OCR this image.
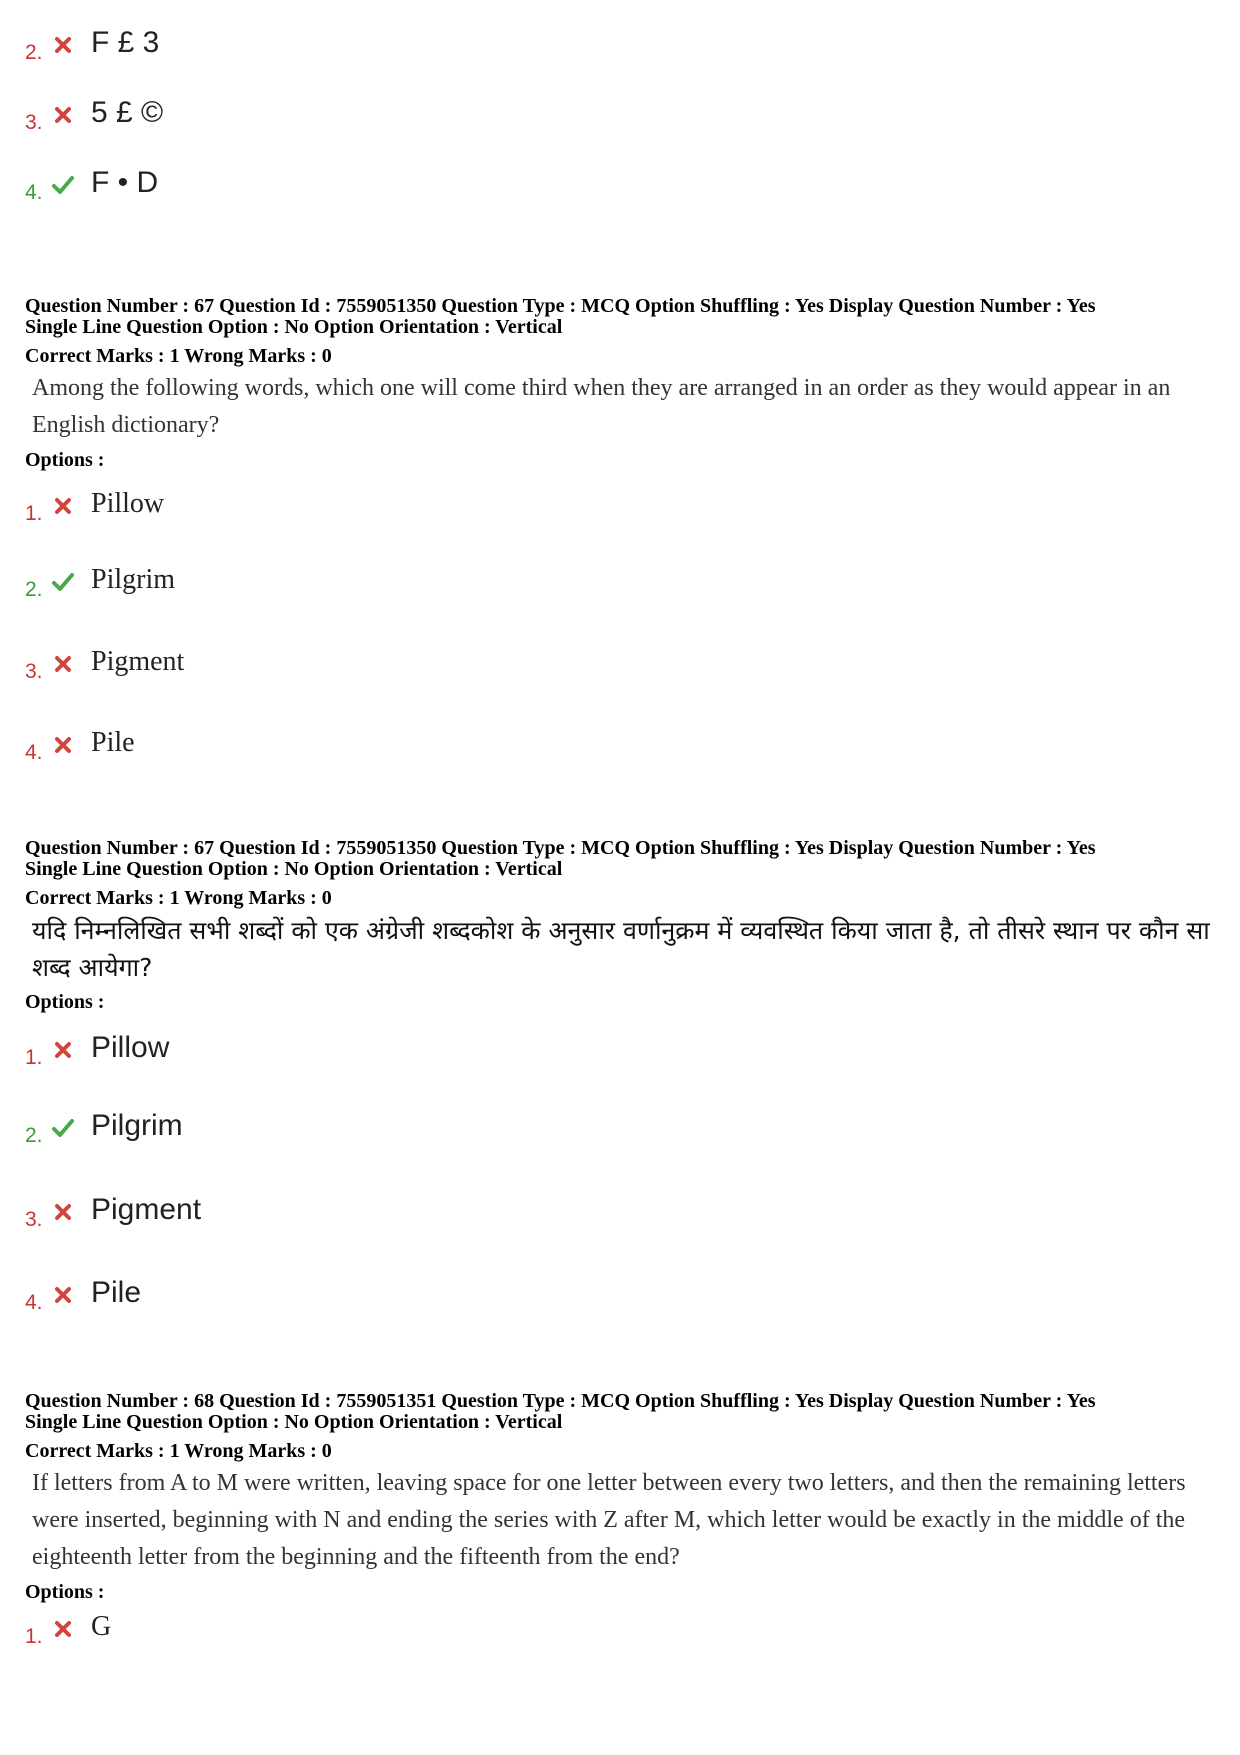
2. F £ 3
3. 5 £ ©
4. F • D
Question Number : 67 Question Id : 7559051350 Question Type : MCQ Option Shuffling : Yes Display Question Number : Yes
Single Line Question Option : No Option Orientation : Vertical
Correct Marks : 1 Wrong Marks : 0
Among the following words, which one will come third when they are arranged in an order as they would appear in an English dictionary?
Options :
1. Pillow
2. Pilgrim
3. Pigment
4. Pile
Question Number : 67 Question Id : 7559051350 Question Type : MCQ Option Shuffling : Yes Display Question Number : Yes
Single Line Question Option : No Option Orientation : Vertical
Correct Marks : 1 Wrong Marks : 0
यदि निम्नलिखित सभी शब्दों को एक अंग्रेजी शब्दकोश के अनुसार वर्णानुक्रम में व्यवस्थित किया जाता है, तो तीसरे स्थान पर कौन सा शब्द आयेगा?
Options :
1. Pillow
2. Pilgrim
3. Pigment
4. Pile
Question Number : 68 Question Id : 7559051351 Question Type : MCQ Option Shuffling : Yes Display Question Number : Yes
Single Line Question Option : No Option Orientation : Vertical
Correct Marks : 1 Wrong Marks : 0
If letters from A to M were written, leaving space for one letter between every two letters, and then the remaining letters were inserted, beginning with N and ending the series with Z after M, which letter would be exactly in the middle of the eighteenth letter from the beginning and the fifteenth from the end?
Options :
1. G
